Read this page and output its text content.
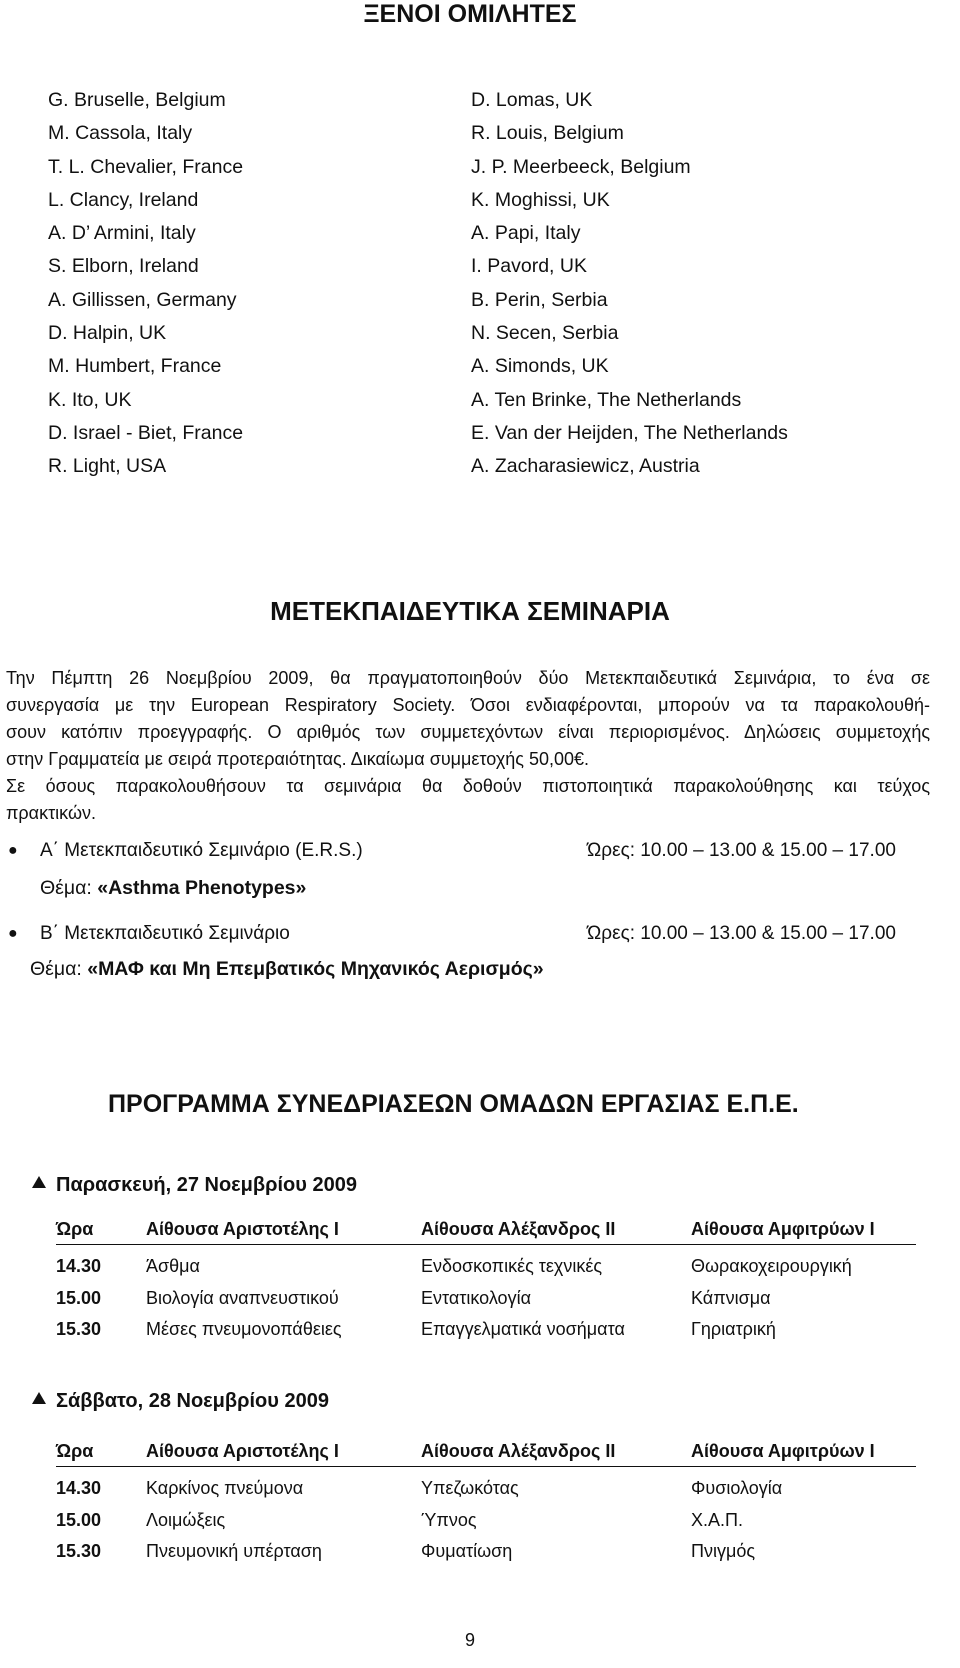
ΞΕΝΟΙ ΟΜΙΛΗΤΕΣ
G. Bruselle, Belgium
M. Cassola, Italy
T. L. Chevalier, France
L. Clancy, Ireland
A. D’ Armini, Italy
S. Elborn, Ireland
A. Gillissen, Germany
D. Halpin, UK
M. Humbert, France
K. Ito, UK
D. Israel - Biet, France
R. Light, USA
D. Lomas, UK
R. Louis, Belgium
J. P. Meerbeeck, Belgium
K. Moghissi, UK
A. Papi, Italy
I. Pavord, UK
B. Perin, Serbia
N. Secen, Serbia
A. Simonds, UK
A. Ten Brinke, The Netherlands
E. Van der Heijden, The Netherlands
A. Zacharasiewicz, Austria
ΜΕΤΕΚΠΑΙΔΕΥΤΙΚΑ ΣΕΜΙΝΑΡΙΑ
Την Πέμπτη 26 Νοεμβρίου 2009, θα πραγματοποιηθούν δύο Μετεκπαιδευτικά Σεμινάρια, το ένα σε
συνεργασία με την European Respiratory Society. Όσοι ενδιαφέρονται, μπορούν να τα παρακολουθή-
σουν κατόπιν προεγγραφής. Ο αριθμός των συμμετεχόντων είναι περιορισμένος. Δηλώσεις συμμετοχής
στην Γραμματεία με σειρά προτεραιότητας. Δικαίωμα συμμετοχής 50,00€.
Σε όσους παρακολουθήσουν τα σεμινάρια θα δοθούν πιστοποιητικά παρακολούθησης και τεύχος
πρακτικών.
● Α΄ Μετεκπαιδευτικό Σεμινάριο (E.R.S.)	Ώρες: 10.00 – 13.00 & 15.00 – 17.00
Θέμα: «Asthma Phenotypes»
● Β΄ Μετεκπαιδευτικό Σεμινάριο	Ώρες: 10.00 – 13.00 & 15.00 – 17.00
Θέμα: «ΜΑΦ και Μη Επεμβατικός Μηχανικός Αερισμός»
ΠΡΟΓΡΑΜΜΑ ΣΥΝΕΔΡΙΑΣΕΩΝ ΟΜΑΔΩΝ ΕΡΓΑΣΙΑΣ Ε.Π.Ε.
Παρασκευή, 27 Νοεμβρίου 2009
Ώρα	Αίθουσα Αριστοτέλης Ι	Αίθουσα Αλέξανδρος ΙΙ	Αίθουσα Αμφιτρύων Ι
14.30	Άσθμα	Ενδοσκοπικές τεχνικές	Θωρακοχειρουργική
15.00	Βιολογία αναπνευστικού	Εντατικολογία	Κάπνισμα
15.30	Μέσες πνευμονοπάθειες	Επαγγελματικά νοσήματα	Γηριατρική
Σάββατο, 28 Νοεμβρίου 2009
Ώρα	Αίθουσα Αριστοτέλης Ι	Αίθουσα Αλέξανδρος ΙΙ	Αίθουσα Αμφιτρύων Ι
14.30	Καρκίνος πνεύμονα	Υπεζωκότας	Φυσιολογία
15.00	Λοιμώξεις	Ύπνος	Χ.Α.Π.
15.30	Πνευμονική υπέρταση	Φυματίωση	Πνιγμός
9
